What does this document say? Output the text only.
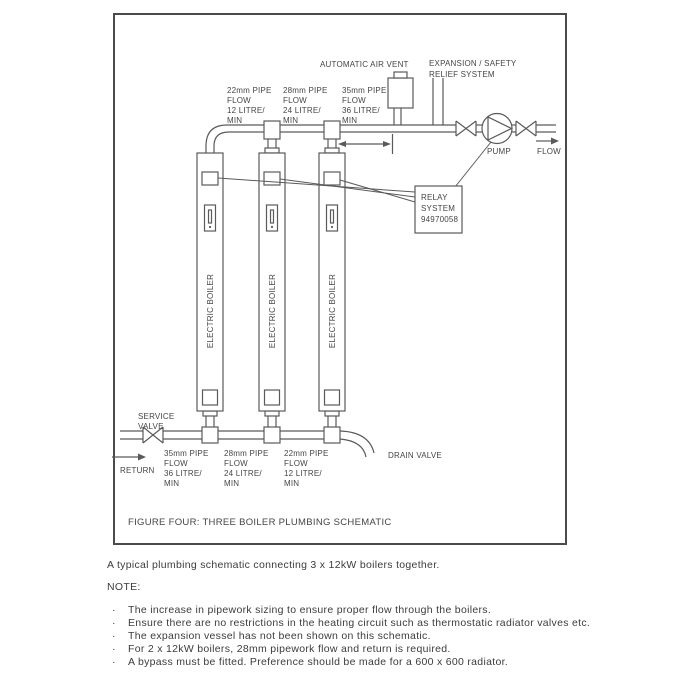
AUTOMATIC AIR VENT	EXPANSION / SAFETY
RELIEF SYSTEM
22mm PIPE
FLOW
12 LITRE/
MIN
28mm PIPE
FLOW
24 LITRE/
MIN
35mm PIPE
FLOW
36 LITRE/
MIN
PUMP	FLOW
RELAY
SYSTEM
94970058
ELECTRIC BOILER	ELECTRIC BOILER	ELECTRIC BOILER
SERVICE
VALVE
RETURN
DRAIN VALVE
35mm PIPE
FLOW
36 LITRE/
MIN
28mm PIPE
FLOW
24 LITRE/
MIN
22mm PIPE
FLOW
12 LITRE/
MIN
FIGURE FOUR: THREE BOILER PLUMBING SCHEMATIC
A typical plumbing schematic connecting 3 x 12kW boilers together.
NOTE:
·	The increase in pipework sizing to ensure proper flow through the boilers.
·	Ensure there are no restrictions in the heating circuit such as thermostatic radiator valves etc.
·	The expansion vessel has not been shown on this schematic.
·	For 2 x 12kW boilers, 28mm pipework flow and return is required.
·	A bypass must be fitted. Preference should be made for a 600 x 600 radiator.
